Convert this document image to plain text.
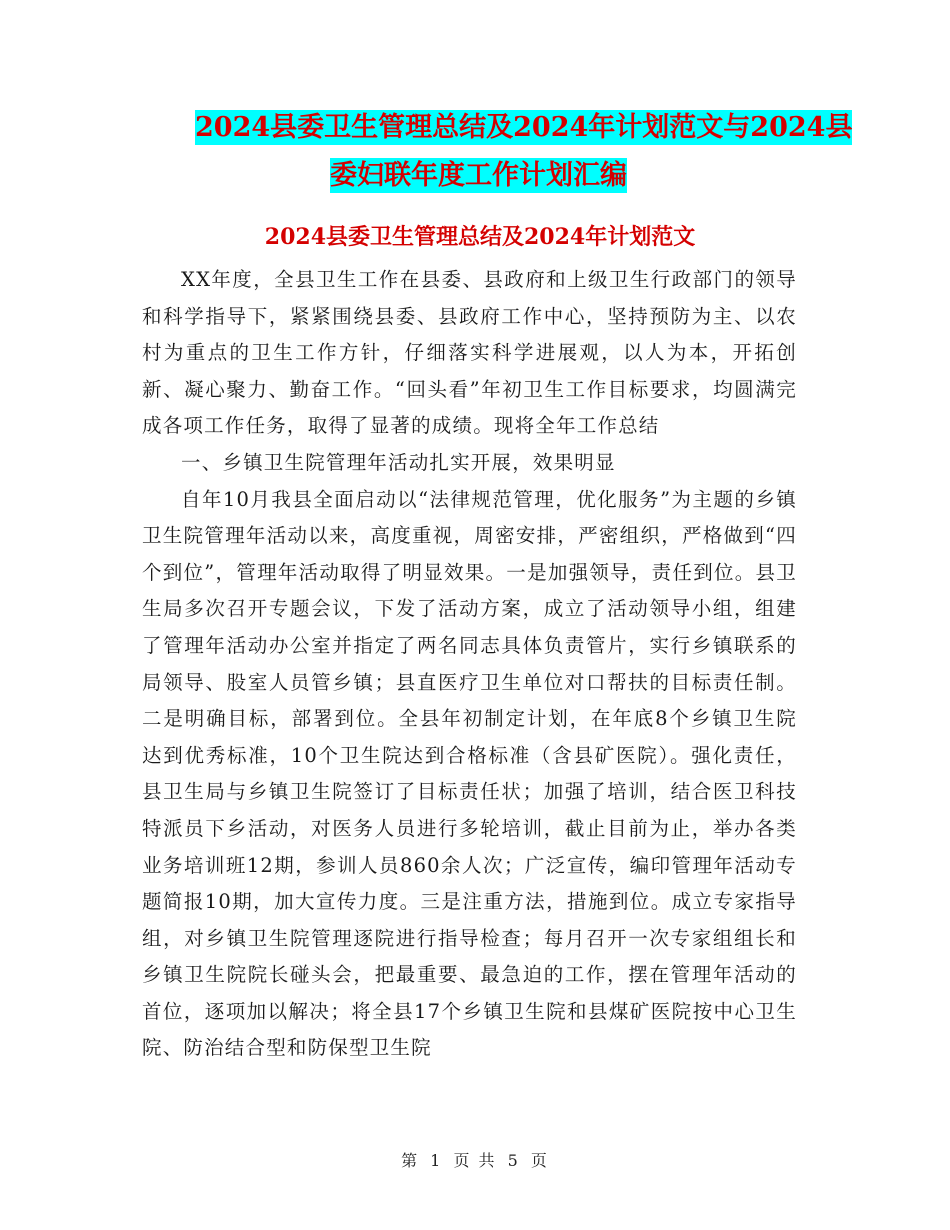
2024县委卫生管理总结及2024年计划范文与2024县
委妇联年度工作计划汇编
2024县委卫生管理总结及2024年计划范文

XX年度，全县卫生工作在县委、县政府和上级卫生行政部门的领导和科学指导下，紧紧围绕县委、县政府工作中心，坚持预防为主、以农村为重点的卫生工作方针，仔细落实科学进展观，以人为本，开拓创新、凝心聚力、勤奋工作。“回头看”年初卫生工作目标要求，均圆满完成各项工作任务，取得了显著的成绩。现将全年工作总结

一、乡镇卫生院管理年活动扎实开展，效果明显

自年10月我县全面启动以“法律规范管理，优化服务”为主题的乡镇卫生院管理年活动以来，高度重视，周密安排，严密组织，严格做到“四个到位”，管理年活动取得了明显效果。一是加强领导，责任到位。县卫生局多次召开专题会议，下发了活动方案，成立了活动领导小组，组建了管理年活动办公室并指定了两名同志具体负责管片，实行乡镇联系的局领导、股室人员管乡镇；县直医疗卫生单位对口帮扶的目标责任制。二是明确目标，部署到位。全县年初制定计划，在年底8个乡镇卫生院达到优秀标准，10个卫生院达到合格标准（含县矿医院）。强化责任，县卫生局与乡镇卫生院签订了目标责任状；加强了培训，结合医卫科技特派员下乡活动，对医务人员进行多轮培训，截止目前为止，举办各类业务培训班12期，参训人员860余人次；广泛宣传，编印管理年活动专题简报10期，加大宣传力度。三是注重方法，措施到位。成立专家指导组，对乡镇卫生院管理逐院进行指导检查；每月召开一次专家组组长和乡镇卫生院院长碰头会，把最重要、最急迫的工作，摆在管理年活动的首位，逐项加以解决；将全县17个乡镇卫生院和县煤矿医院按中心卫生院、防治结合型和防保型卫生院

第 1 页 共 5 页
